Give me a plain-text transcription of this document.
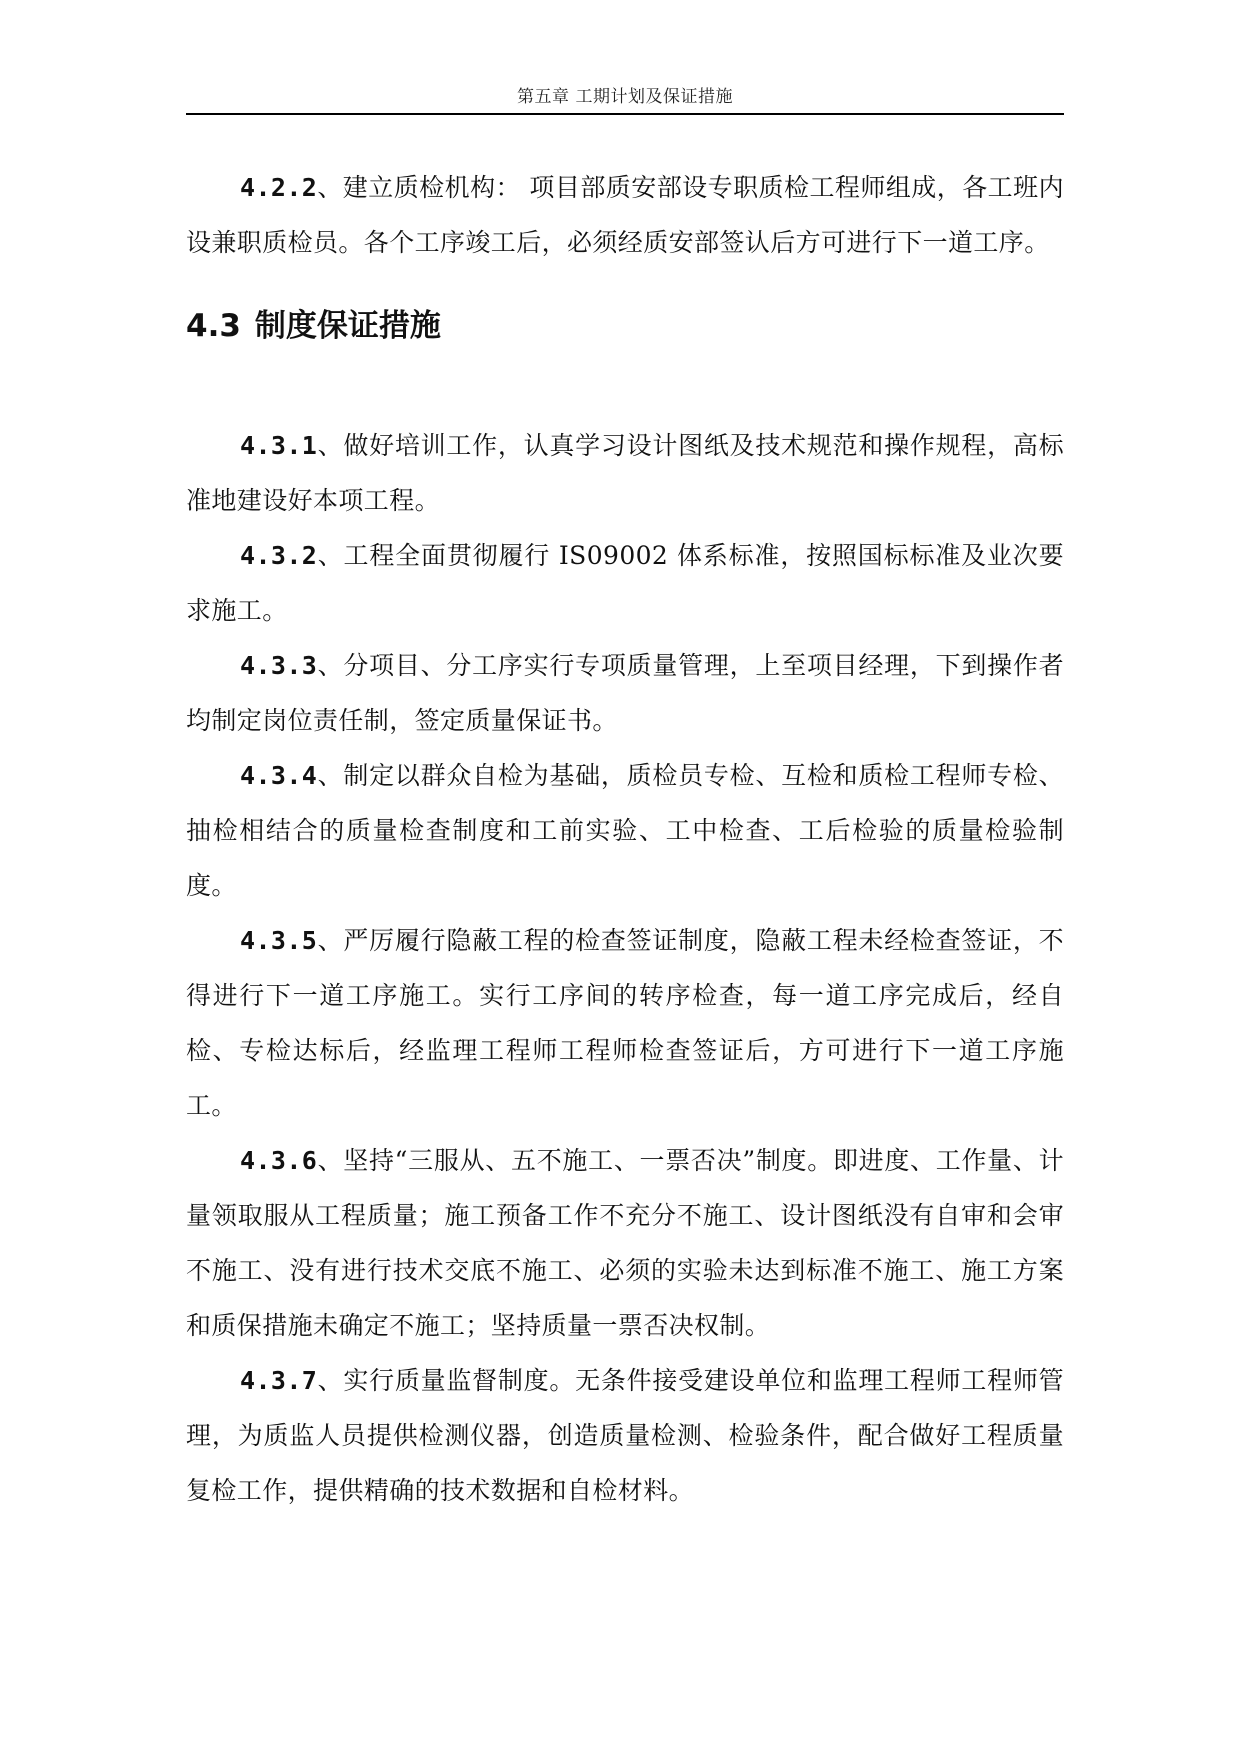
第五章 工期计划及保证措施

4.2.2、建立质检机构： 项目部质安部设专职质检工程师组成，各工班内设兼职质检员。各个工序竣工后，必须经质安部签认后方可进行下一道工序。

4.3 制度保证措施

4.3.1、做好培训工作，认真学习设计图纸及技术规范和操作规程，高标准地建设好本项工程。

4.3.2、工程全面贯彻履行 IS09002 体系标准，按照国标标准及业次要求施工。

4.3.3、分项目、分工序实行专项质量管理，上至项目经理，下到操作者均制定岗位责任制，签定质量保证书。

4.3.4、制定以群众自检为基础，质检员专检、互检和质检工程师专检、抽检相结合的质量检查制度和工前实验、工中检查、工后检验的质量检验制度。

4.3.5、严厉履行隐蔽工程的检查签证制度，隐蔽工程未经检查签证，不得进行下一道工序施工。实行工序间的转序检查，每一道工序完成后，经自检、专检达标后，经监理工程师工程师检查签证后，方可进行下一道工序施工。

4.3.6、坚持“三服从、五不施工、一票否决”制度。即进度、工作量、计量领取服从工程质量；施工预备工作不充分不施工、设计图纸没有自审和会审不施工、没有进行技术交底不施工、必须的实验未达到标准不施工、施工方案和质保措施未确定不施工；坚持质量一票否决权制。

4.3.7、实行质量监督制度。无条件接受建设单位和监理工程师工程师管理，为质监人员提供检测仪器，创造质量检测、检验条件，配合做好工程质量复检工作，提供精确的技术数据和自检材料。
